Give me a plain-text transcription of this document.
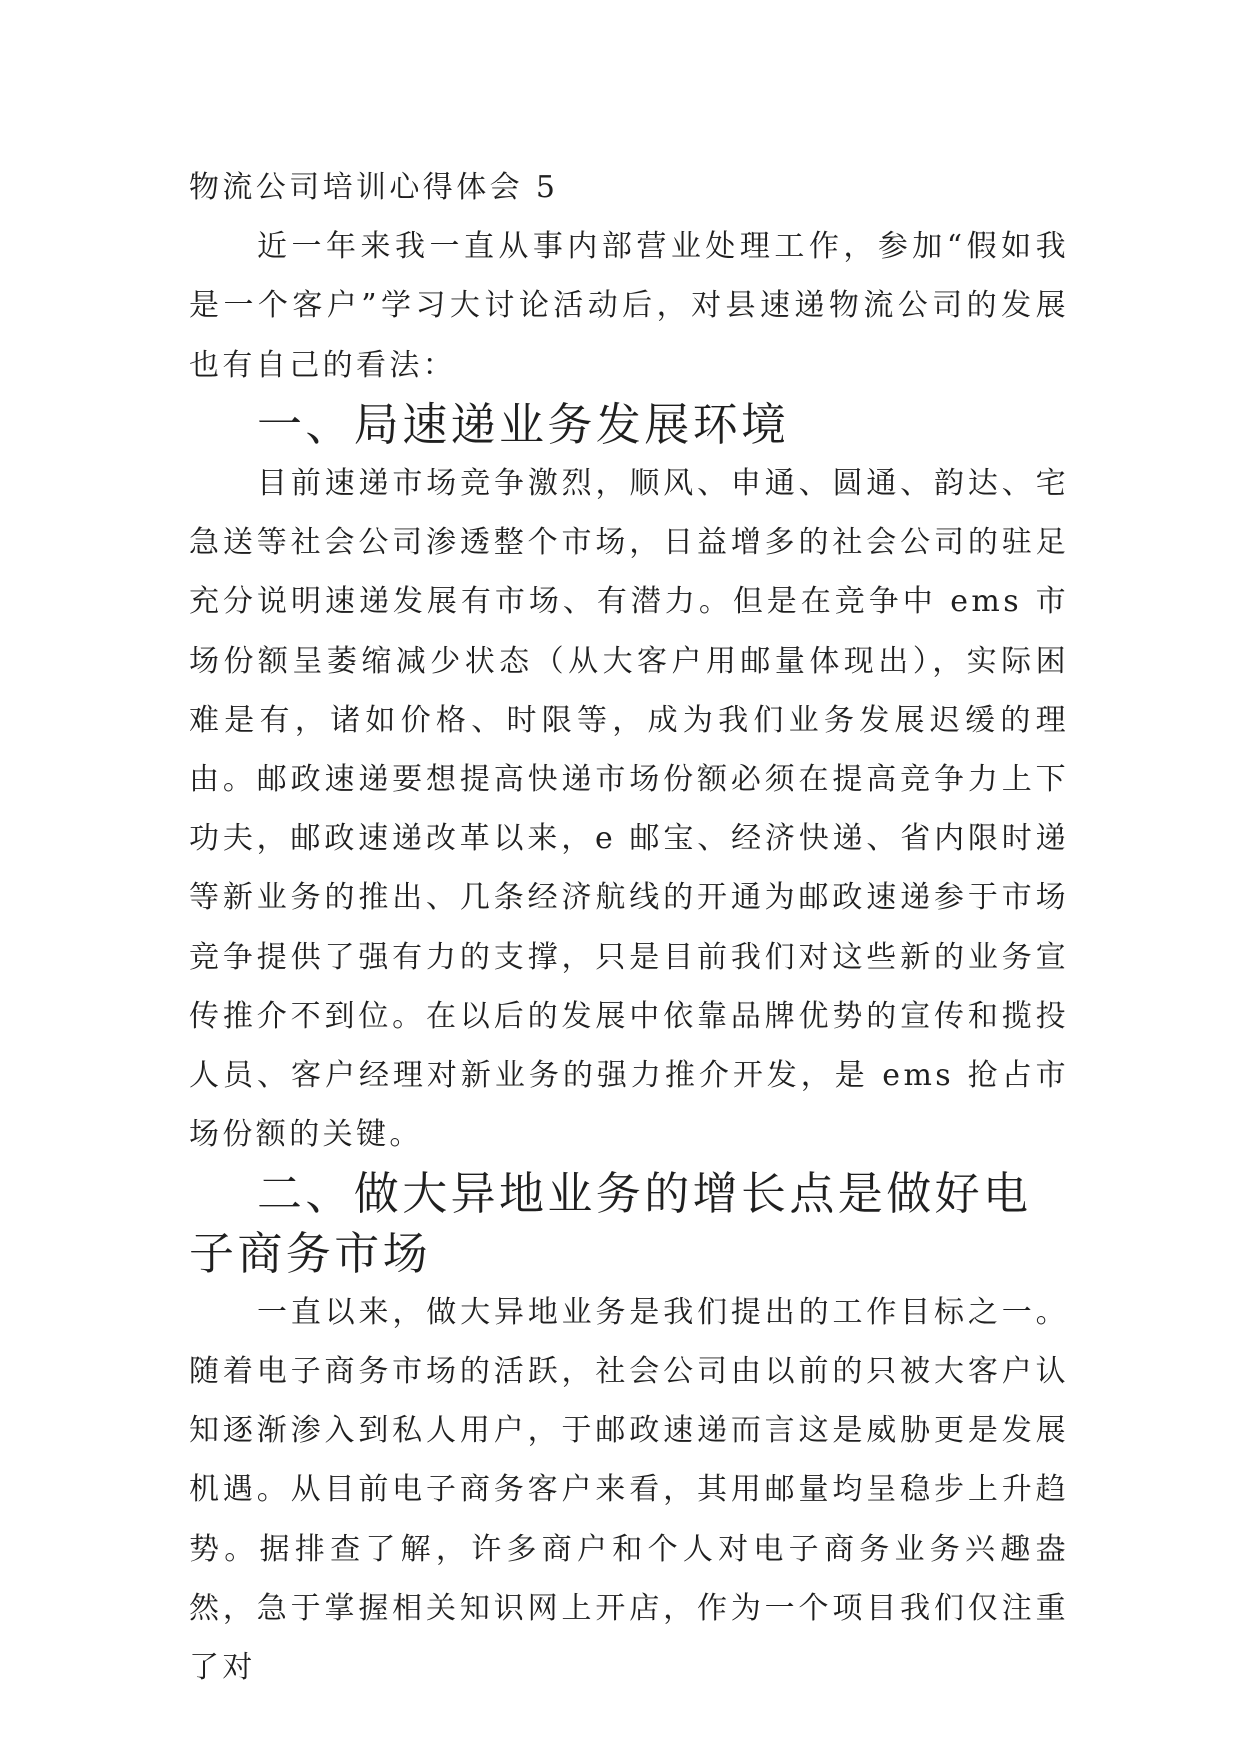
物流公司培训心得体会 5

近一年来我一直从事内部营业处理工作，参加“假如我是一个客户”学习大讨论活动后，对县速递物流公司的发展也有自己的看法：

一、局速递业务发展环境

目前速递市场竞争激烈，顺风、申通、圆通、韵达、宅急送等社会公司渗透整个市场，日益增多的社会公司的驻足充分说明速递发展有市场、有潜力。但是在竞争中 ems 市场份额呈萎缩减少状态（从大客户用邮量体现出），实际困难是有，诸如价格、时限等，成为我们业务发展迟缓的理由。邮政速递要想提高快递市场份额必须在提高竞争力上下功夫，邮政速递改革以来，e 邮宝、经济快递、省内限时递等新业务的推出、几条经济航线的开通为邮政速递参于市场竞争提供了强有力的支撑，只是目前我们对这些新的业务宣传推介不到位。在以后的发展中依靠品牌优势的宣传和揽投人员、客户经理对新业务的强力推介开发，是 ems 抢占市场份额的关键。

二、做大异地业务的增长点是做好电子商务市场

一直以来，做大异地业务是我们提出的工作目标之一。随着电子商务市场的活跃，社会公司由以前的只被大客户认知逐渐渗入到私人用户，于邮政速递而言这是威胁更是发展机遇。从目前电子商务客户来看，其用邮量均呈稳步上升趋势。据排查了解，许多商户和个人对电子商务业务兴趣盎然，急于掌握相关知识网上开店，作为一个项目我们仅注重了对
